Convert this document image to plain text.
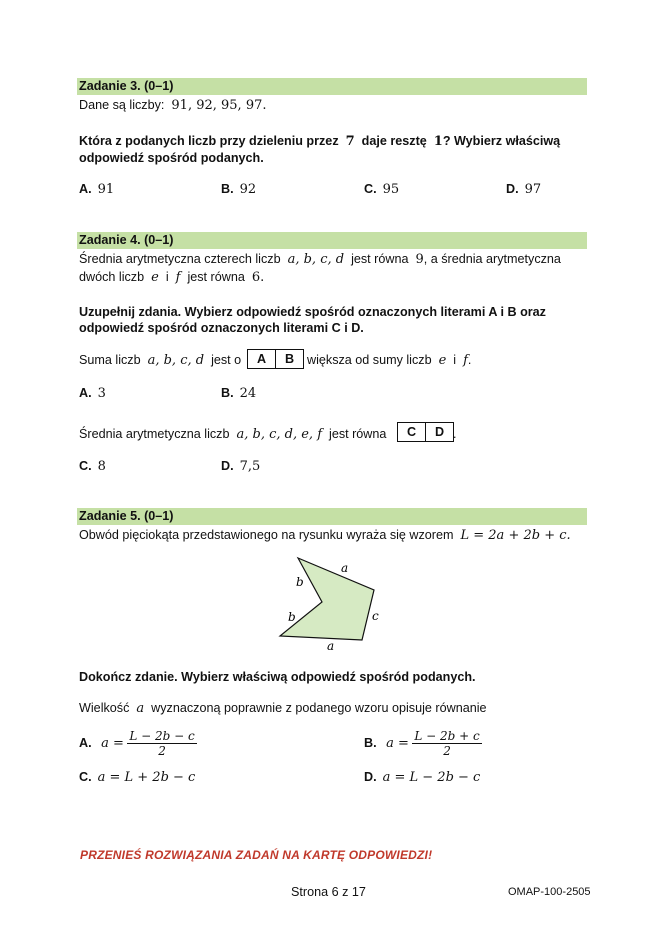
Zadanie 3. (0–1)
Dane są liczby: 91, 92, 95, 97.
Która z podanych liczb przy dzieleniu przez 7 daje resztę 1? Wybierz właściwą
odpowiedź spośród podanych.
A. 91	B. 92	C. 95	D. 97
Zadanie 4. (0–1)
Średnia arytmetyczna czterech liczb a, b, c, d jest równa 9, a średnia arytmetyczna
dwóch liczb e i f jest równa 6.
Uzupełnij zdania. Wybierz odpowiedź spośród oznaczonych literami A i B oraz
odpowiedź spośród oznaczonych literami C i D.
Suma liczb a, b, c, d jest o	A	B	większa od sumy liczb e i f.
A. 3	B. 24
Średnia arytmetyczna liczb a, b, c, d, e, f jest równa	C	D .
C. 8	D. 7,5
Zadanie 5. (0–1)
Obwód pięciokąta przedstawionego na rysunku wyraża się wzorem L = 2a + 2b + c.
a
b
b	c
a
Dokończ zdanie. Wybierz właściwą odpowiedź spośród podanych.
Wielkość a wyznaczoną poprawnie z podanego wzoru opisuje równanie
A. $a = \frac{L - 2b - c}{2}$	B. $a = \frac{L - 2b + c}{2}$
C. a = L + 2b − c	D. a = L − 2b − c
PRZENIEŚ ROZWIĄZANIA ZADAŃ NA KARTĘ ODPOWIEDZI!
Strona 6 z 17	OMAP-100-2505
